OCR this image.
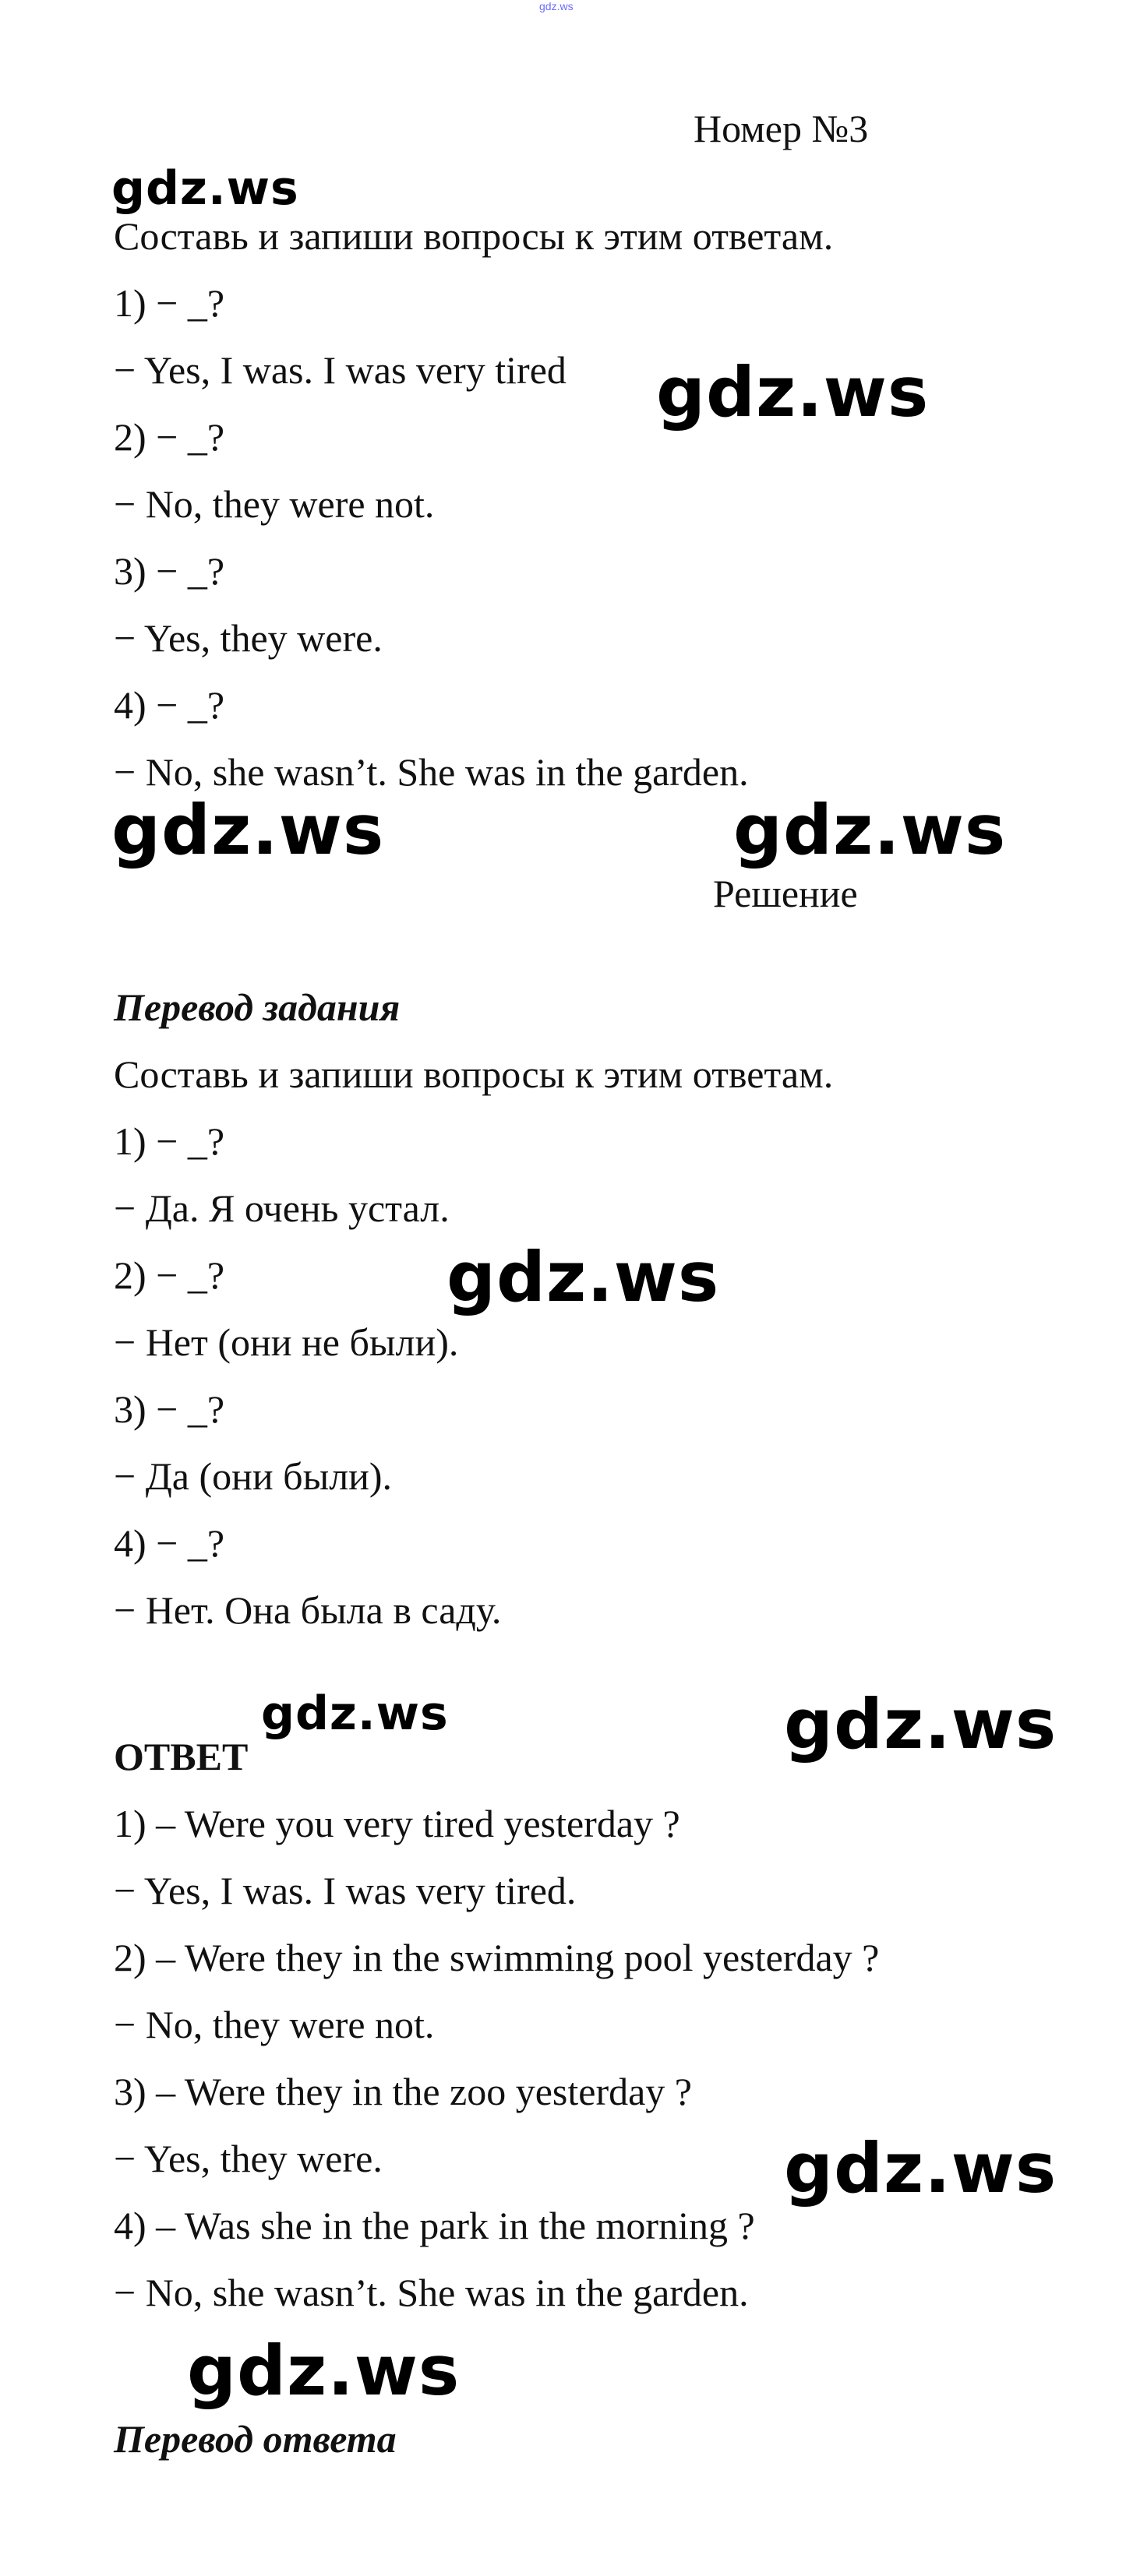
gdz.ws
Номер №3
Составь и запиши вопросы к этим ответам.
1) − _?
− Yes, I was. I was very tired
2) − _?
− No, they were not.
3) − _?
− Yes, they were.
4) − _?
− No, she wasn’t. She was in the garden.
Решение
Перевод задания
Составь и запиши вопросы к этим ответам.
1) − _?
− Да. Я очень устал.
2) − _?
− Нет (они не были).
3) − _?
− Да (они были).
4) − _?
− Нет. Она была в саду.
ОТВЕТ
1) – Were you very tired yesterday ?
− Yes, I was. I was very tired.
2) – Were they in the swimming pool yesterday ?
− No, they were not.
3) – Were they in the zoo yesterday ?
− Yes, they were.
4) – Was she in the park in the morning ?
− No, she wasn’t. She was in the garden.
Перевод ответа
gdz.ws
gdz.ws
gdz.ws	gdz.ws
gdz.ws
gdz.ws	gdz.ws
gdz.ws
gdz.ws
